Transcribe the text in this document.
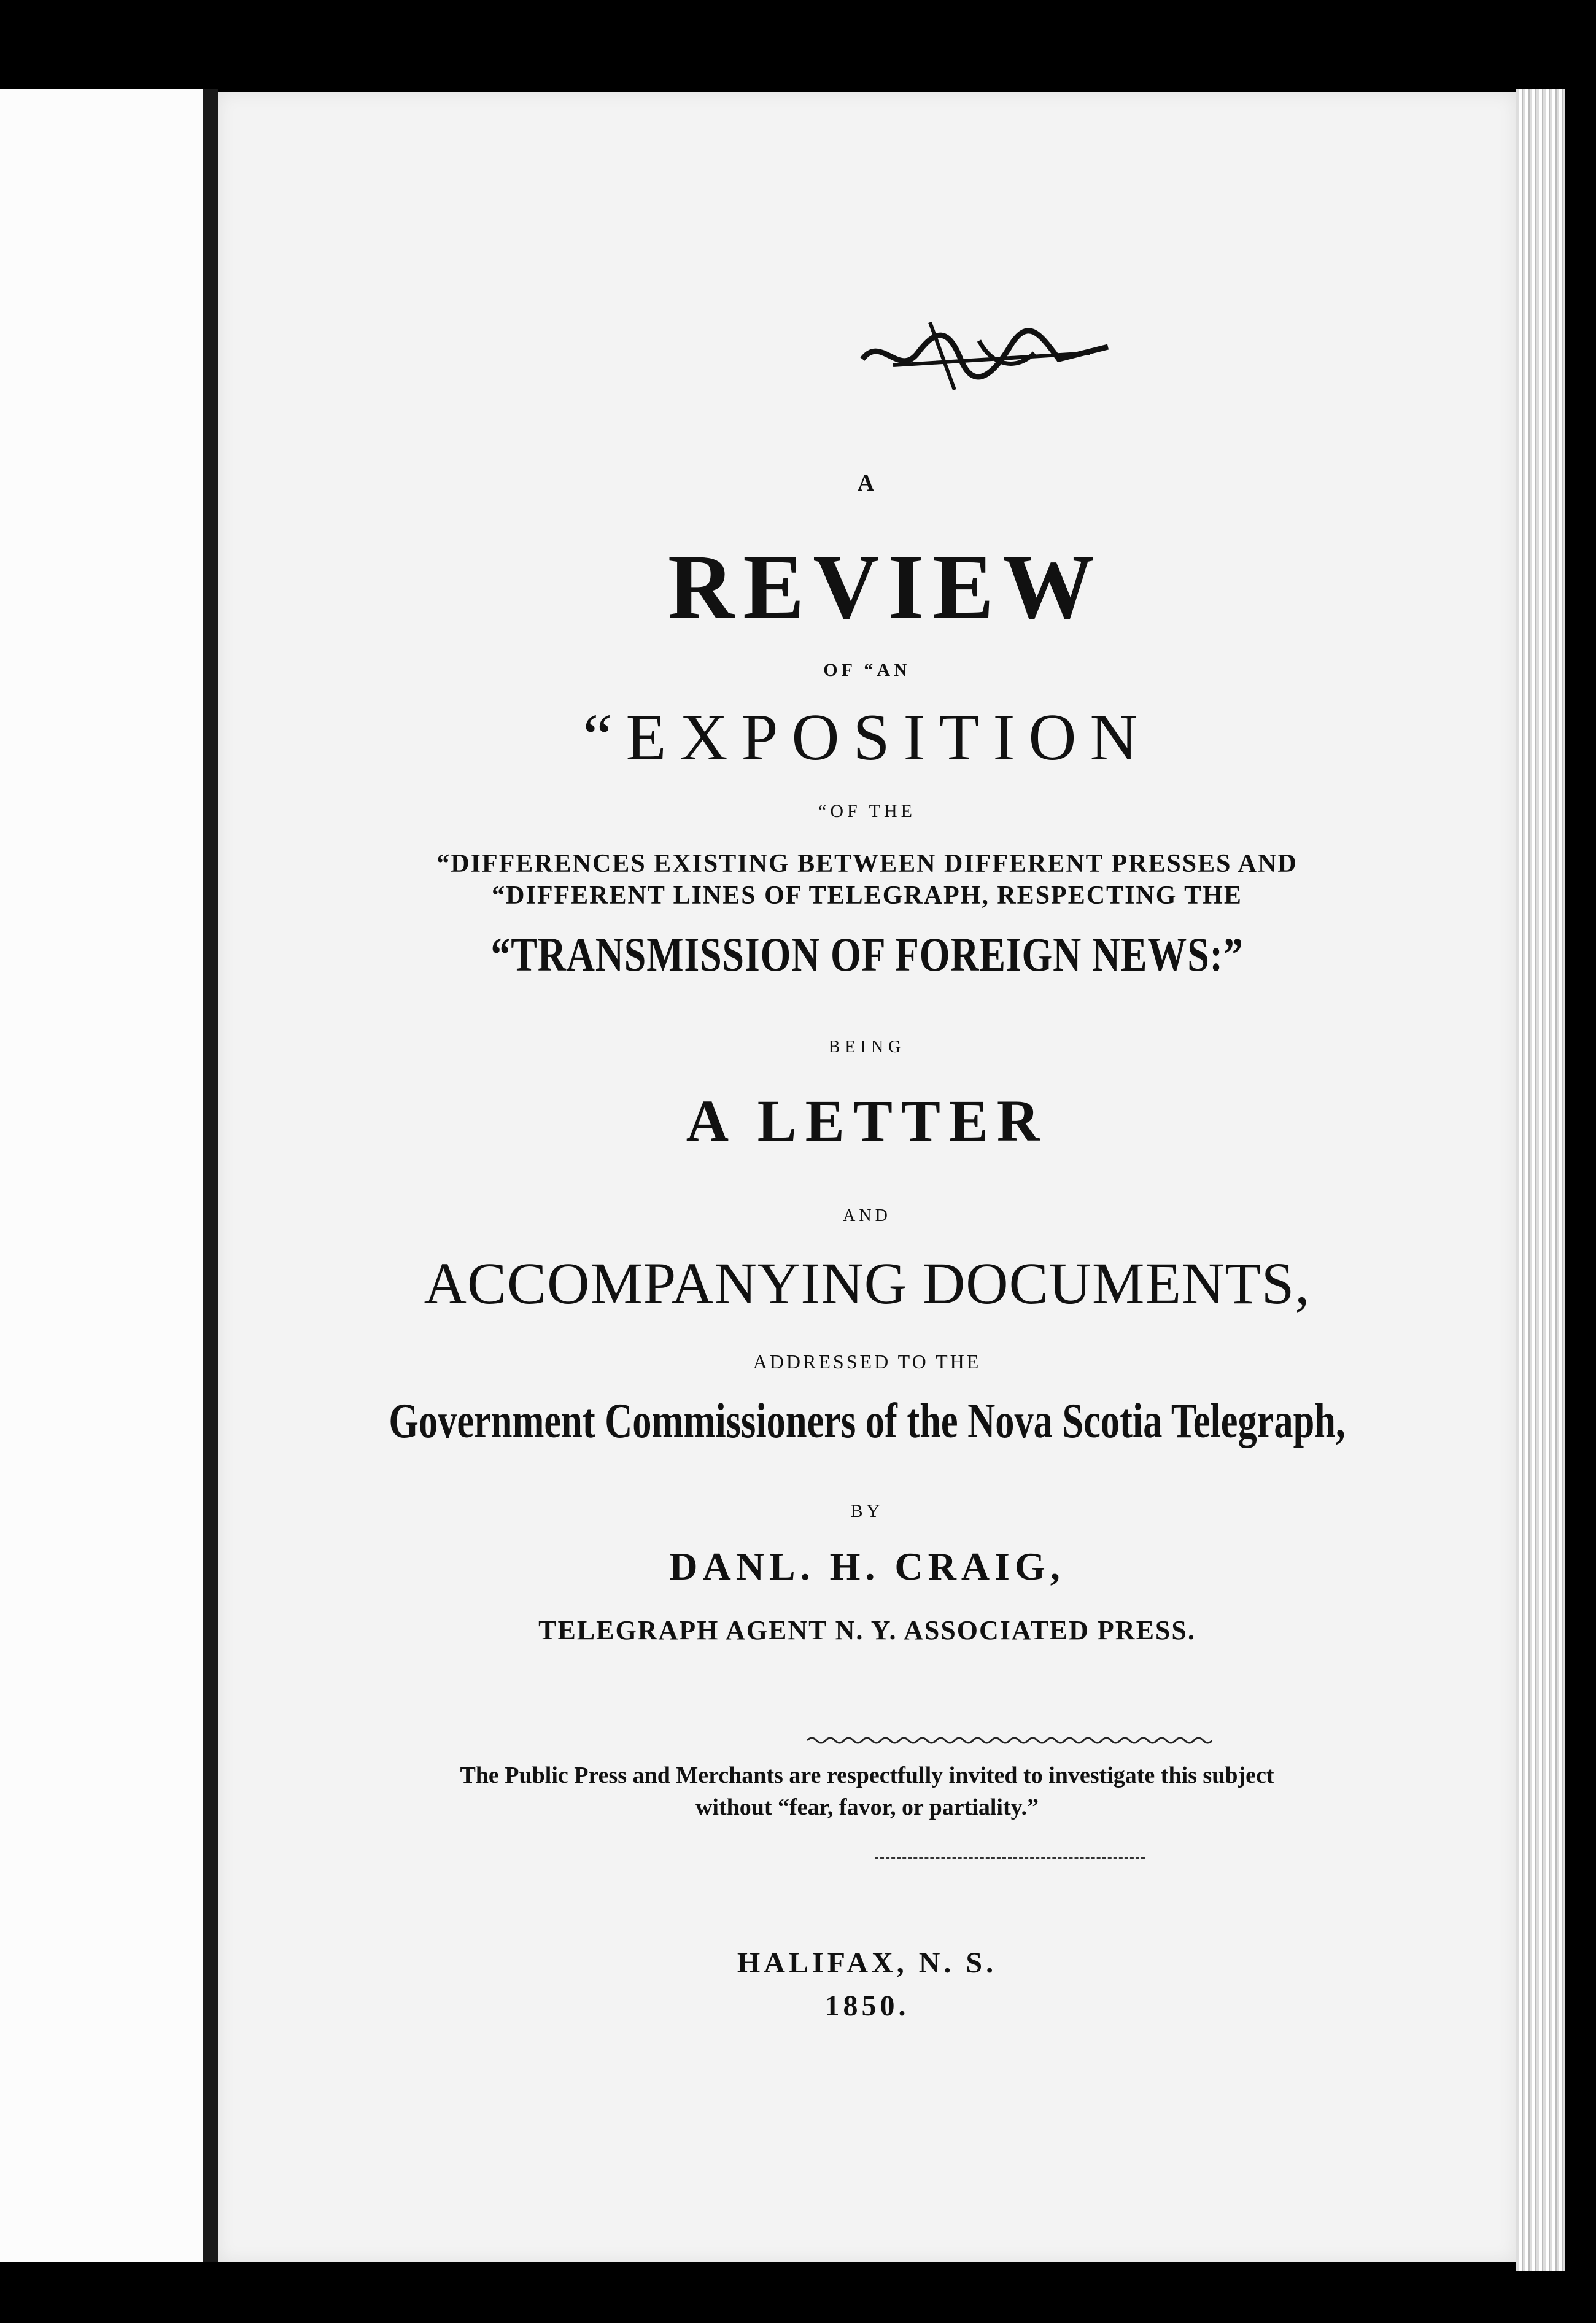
A
REVIEW
OF “AN
“EXPOSITION
“OF THE
“DIFFERENCES EXISTING BETWEEN DIFFERENT PRESSES AND
“DIFFERENT LINES OF TELEGRAPH, RESPECTING THE
“TRANSMISSION OF FOREIGN NEWS:”
BEING
A LETTER
AND
ACCOMPANYING DOCUMENTS,
ADDRESSED TO THE
Government Commissioners of the Nova Scotia Telegraph,
BY
DANL. H. CRAIG,
TELEGRAPH AGENT N. Y. ASSOCIATED PRESS.
The Public Press and Merchants are respectfully invited to investigate this subject
without “fear, favor, or partiality.”
HALIFAX, N. S.
1850.
